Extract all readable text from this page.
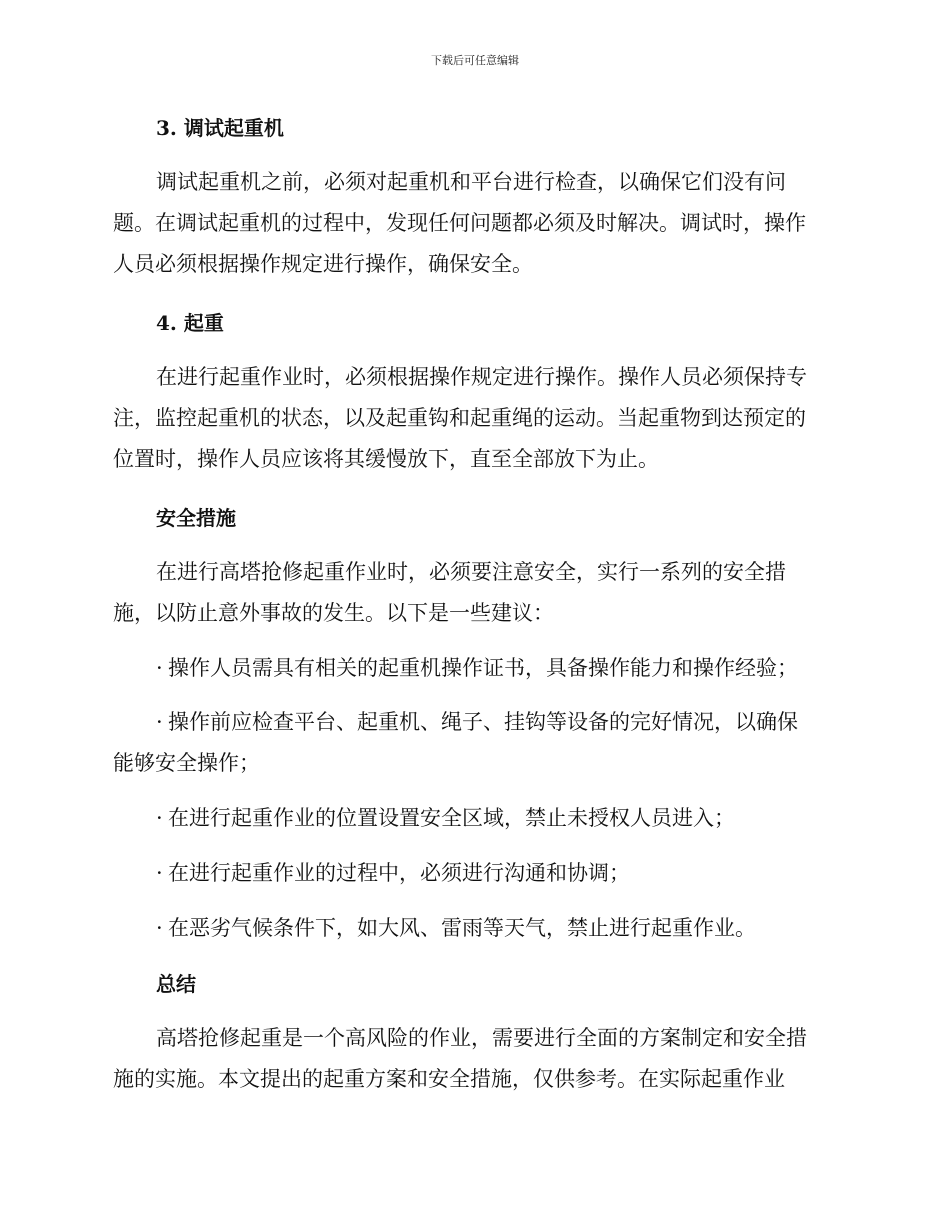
下载后可任意编辑
3. 调试起重机
调试起重机之前，必须对起重机和平台进行检查，以确保它们没有问
题。在调试起重机的过程中，发现任何问题都必须及时解决。调试时，操作
人员必须根据操作规定进行操作，确保安全。
4. 起重
在进行起重作业时，必须根据操作规定进行操作。操作人员必须保持专
注，监控起重机的状态，以及起重钩和起重绳的运动。当起重物到达预定的
位置时，操作人员应该将其缓慢放下，直至全部放下为止。
安全措施
在进行高塔抢修起重作业时，必须要注意安全，实行一系列的安全措
施，以防止意外事故的发生。以下是一些建议：
· 操作人员需具有相关的起重机操作证书，具备操作能力和操作经验；
· 操作前应检查平台、起重机、绳子、挂钩等设备的完好情况，以确保
能够安全操作；
· 在进行起重作业的位置设置安全区域，禁止未授权人员进入；
· 在进行起重作业的过程中，必须进行沟通和协调；
· 在恶劣气候条件下，如大风、雷雨等天气，禁止进行起重作业。
总结
高塔抢修起重是一个高风险的作业，需要进行全面的方案制定和安全措
施的实施。本文提出的起重方案和安全措施，仅供参考。在实际起重作业
